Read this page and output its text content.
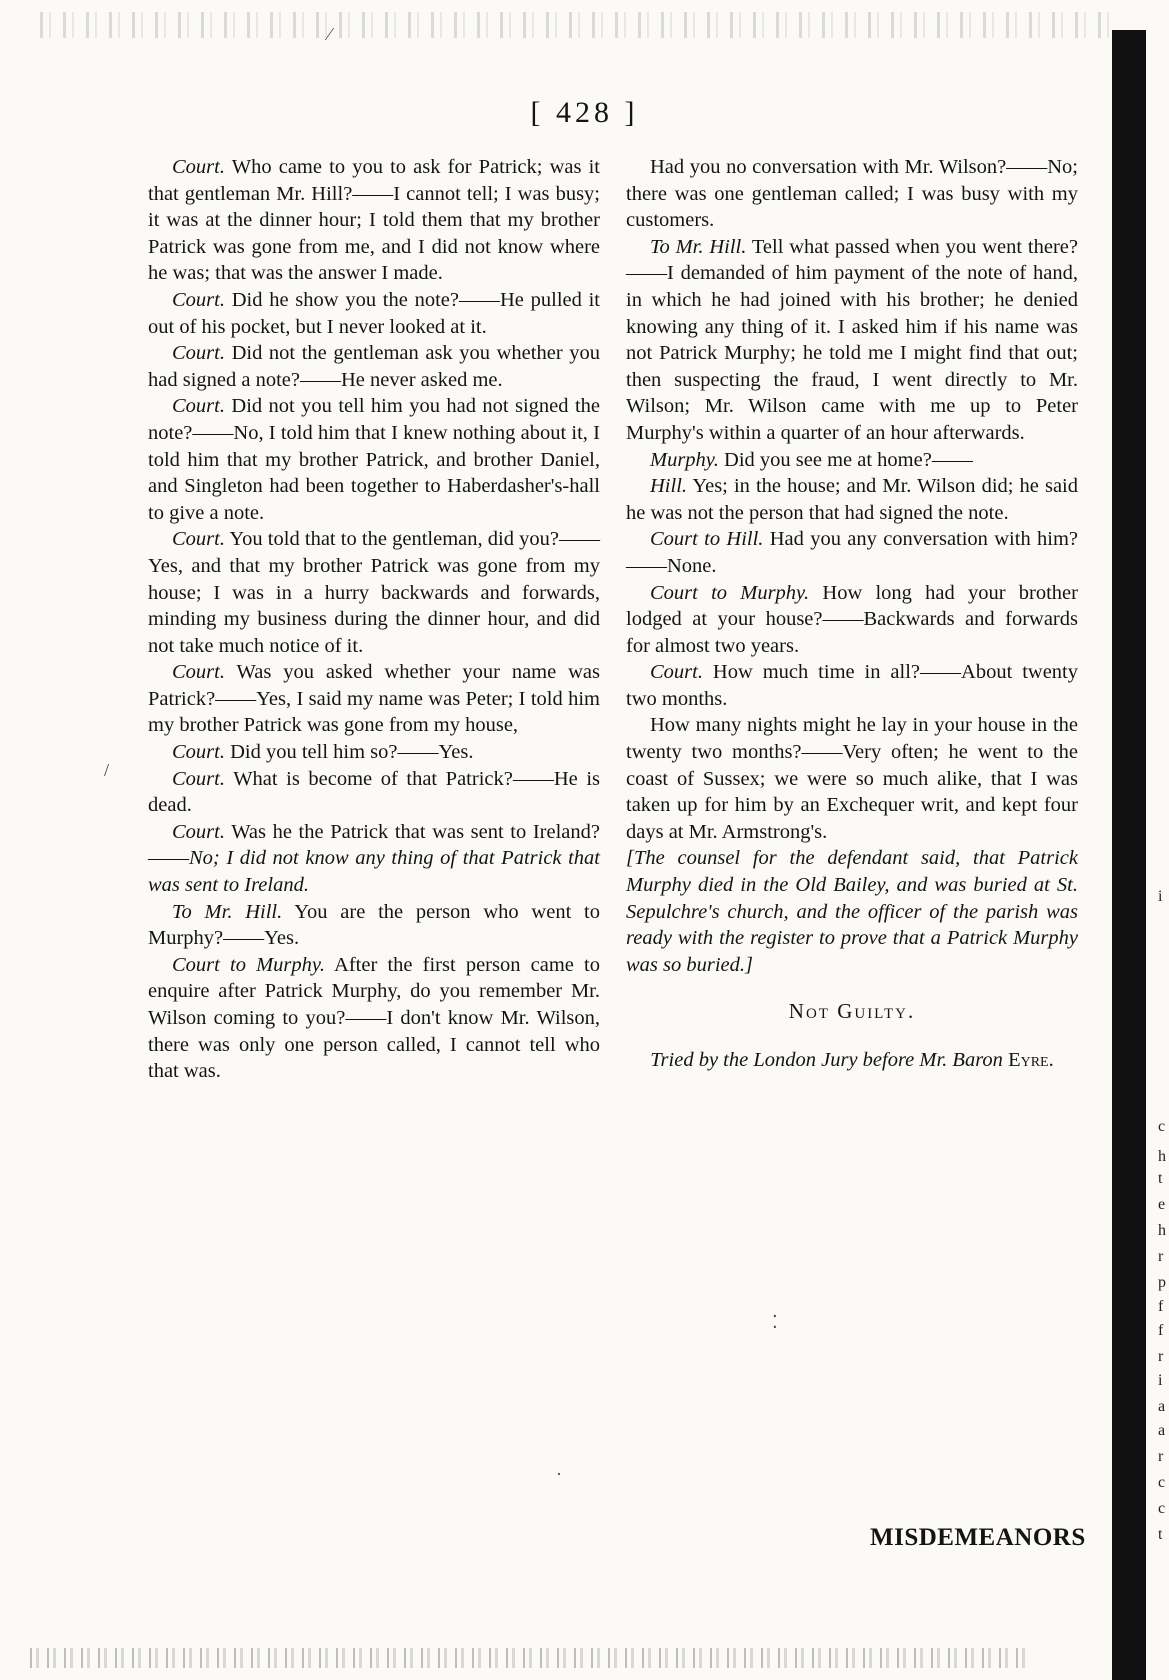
[ 428 ]

Court. Who came to you to ask for Patrick; was it that gentleman Mr. Hill?——I cannot tell; I was busy; it was at the dinner hour; I told them that my brother Patrick was gone from me, and I did not know where he was; that was the answer I made.

Court. Did he show you the note?——He pulled it out of his pocket, but I never looked at it.

Court. Did not the gentleman ask you whether you had signed a note?——He never asked me.

Court. Did not you tell him you had not signed the note?——No, I told him that I knew nothing about it, I told him that my brother Patrick, and brother Daniel, and Singleton had been together to Haberdasher's-hall to give a note.

Court. You told that to the gentleman, did you?——Yes, and that my brother Patrick was gone from my house; I was in a hurry backwards and forwards, minding my business during the dinner hour, and did not take much notice of it.

Court. Was you asked whether your name was Patrick?——Yes, I said my name was Peter; I told him my brother Patrick was gone from my house,

Court. Did you tell him so?——Yes.

Court. What is become of that Patrick?——He is dead.

Court. Was he the Patrick that was sent to Ireland?——No; I did not know any thing of that Patrick that was sent to Ireland.

To Mr. Hill. You are the person who went to Murphy?——Yes.

Court to Murphy. After the first person came to enquire after Patrick Murphy, do you remember Mr. Wilson coming to you?——I don't know Mr. Wilson, there was only one person called, I cannot tell who that was.

Had you no conversation with Mr. Wilson?——No; there was one gentleman called; I was busy with my customers.

To Mr. Hill. Tell what passed when you went there?——I demanded of him payment of the note of hand, in which he had joined with his brother; he denied knowing any thing of it. I asked him if his name was not Patrick Murphy; he told me I might find that out; then suspecting the fraud, I went directly to Mr. Wilson; Mr. Wilson came with me up to Peter Murphy's within a quarter of an hour afterwards.

Murphy. Did you see me at home?——

Hill. Yes; in the house; and Mr. Wilson did; he said he was not the person that had signed the note.

Court to Hill. Had you any conversation with him?——None.

Court to Murphy. How long had your brother lodged at your house?——Backwards and forwards for almost two years.

Court. How much time in all?——About twenty two months.

How many nights might he lay in your house in the twenty two months?——Very often; he went to the coast of Sussex; we were so much alike, that I was taken up for him by an Exchequer writ, and kept four days at Mr. Armstrong's.

[The counsel for the defendant said, that Patrick Murphy died in the Old Bailey, and was buried at St. Sepulchre's church, and the officer of the parish was ready with the register to prove that a Patrick Murphy was so buried.]

Not Guilty.

Tried by the London Jury before Mr. Baron Eyre.

MISDEMEANORS
i
c
h
t
e
h
r
p
f
f
r
i
a
a
r
c
c
t
⁄
/
⁚
·
